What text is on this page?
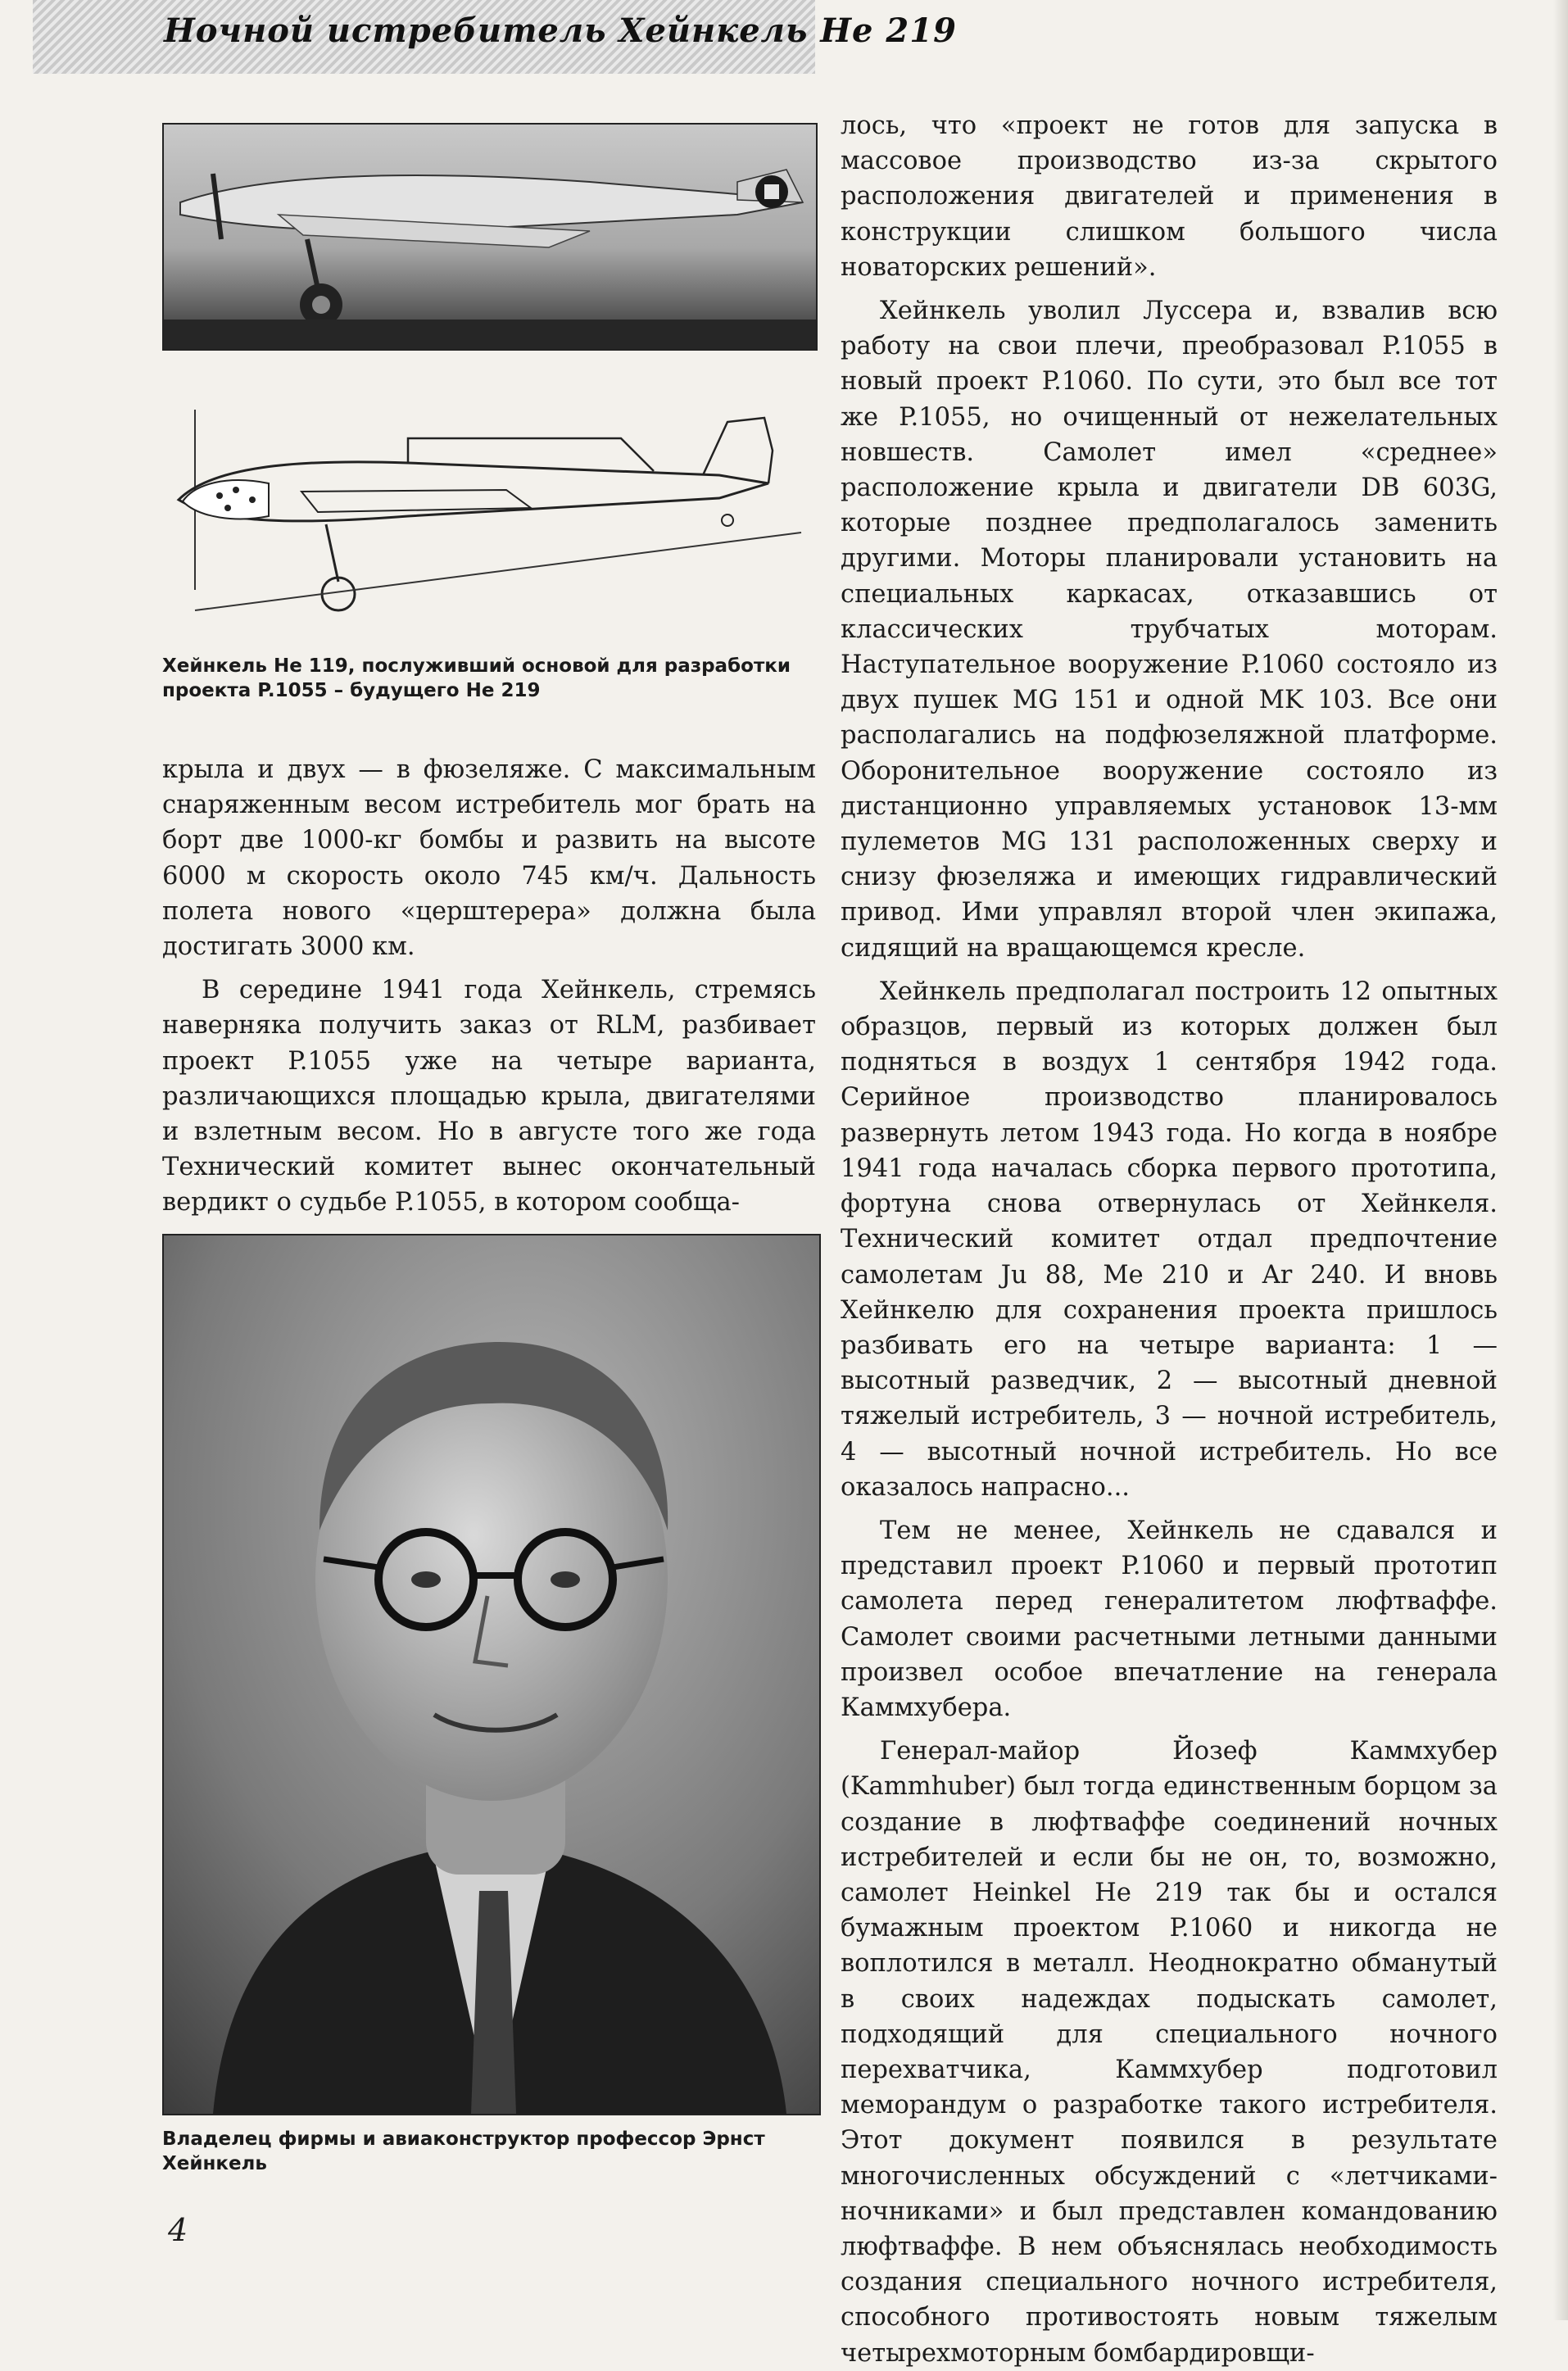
Ночной истребитель Хейнкель Не 219
Хейнкель Не 119, послуживший основой для разработки проекта P.1055 – будущего Не 219

крыла и двух — в фюзеляже. С максимальным снаряженным весом истребитель мог брать на борт две 1000-кг бомбы и развить на высоте 6000 м скорость около 745 км/ч. Дальность полета нового «церштерера» должна была достигать 3000 км.

В середине 1941 года Хейнкель, стремясь наверняка получить заказ от RLM, разбивает проект P.1055 уже на четыре варианта, различающихся площадью крыла, двигателями и взлетным весом. Но в августе того же года Технический комитет вынес окончательный вердикт о судьбе P.1055, в котором сообща-

Владелец фирмы и авиаконструктор профессор Эрнст Хейнкель

лось, что «проект не готов для запуска в массовое производство из-за скрытого расположения двигателей и применения в конструкции слишком большого числа новаторских решений».

Хейнкель уволил Луссера и, взвалив всю работу на свои плечи, преобразовал P.1055 в новый проект P.1060. По сути, это был все тот же P.1055, но очищенный от нежелательных новшеств. Самолет имел «среднее» расположение крыла и двигатели DB 603G, которые позднее предполагалось заменить другими. Моторы планировали установить на специальных каркасах, отказавшись от классических трубчатых моторам. Наступательное вооружение P.1060 состояло из двух пушек MG 151 и одной MK 103. Все они располагались на подфюзеляжной платформе. Оборонительное вооружение состояло из дистанционно управляемых установок 13-мм пулеметов MG 131 расположенных сверху и снизу фюзеляжа и имеющих гидравлический привод. Ими управлял второй член экипажа, сидящий на вращающемся кресле.

Хейнкель предполагал построить 12 опытных образцов, первый из которых должен был подняться в воздух 1 сентября 1942 года. Серийное производство планировалось развернуть летом 1943 года. Но когда в ноябре 1941 года началась сборка первого прототипа, фортуна снова отвернулась от Хейнкеля. Технический комитет отдал предпочтение самолетам Ju 88, Me 210 и Ar 240. И вновь Хейнкелю для сохранения проекта пришлось разбивать его на четыре варианта: 1 — высотный разведчик, 2 — высотный дневной тяжелый истребитель, 3 — ночной истребитель, 4 — высотный ночной истребитель. Но все оказалось напрасно...

Тем не менее, Хейнкель не сдавался и представил проект P.1060 и первый прототип самолета перед генералитетом люфтваффе. Самолет своими расчетными летными данными произвел особое впечатление на генерала Каммхубера.

Генерал-майор Йозеф Каммхубер (Kammhuber) был тогда единственным борцом за создание в люфтваффе соединений ночных истребителей и если бы не он, то, возможно, самолет Heinkel He 219 так бы и остался бумажным проектом P.1060 и никогда не воплотился в металл. Неоднократно обманутый в своих надеждах подыскать самолет, подходящий для специального ночного перехватчика, Каммхубер подготовил меморандум о разработке такого истребителя. Этот документ появился в результате многочисленных обсуждений с «летчиками-ночниками» и был представлен командованию люфтваффе. В нем объяснялась необходимость создания специального ночного истребителя, способного противостоять новым тяжелым четырехмоторным бомбардировщи-

4
